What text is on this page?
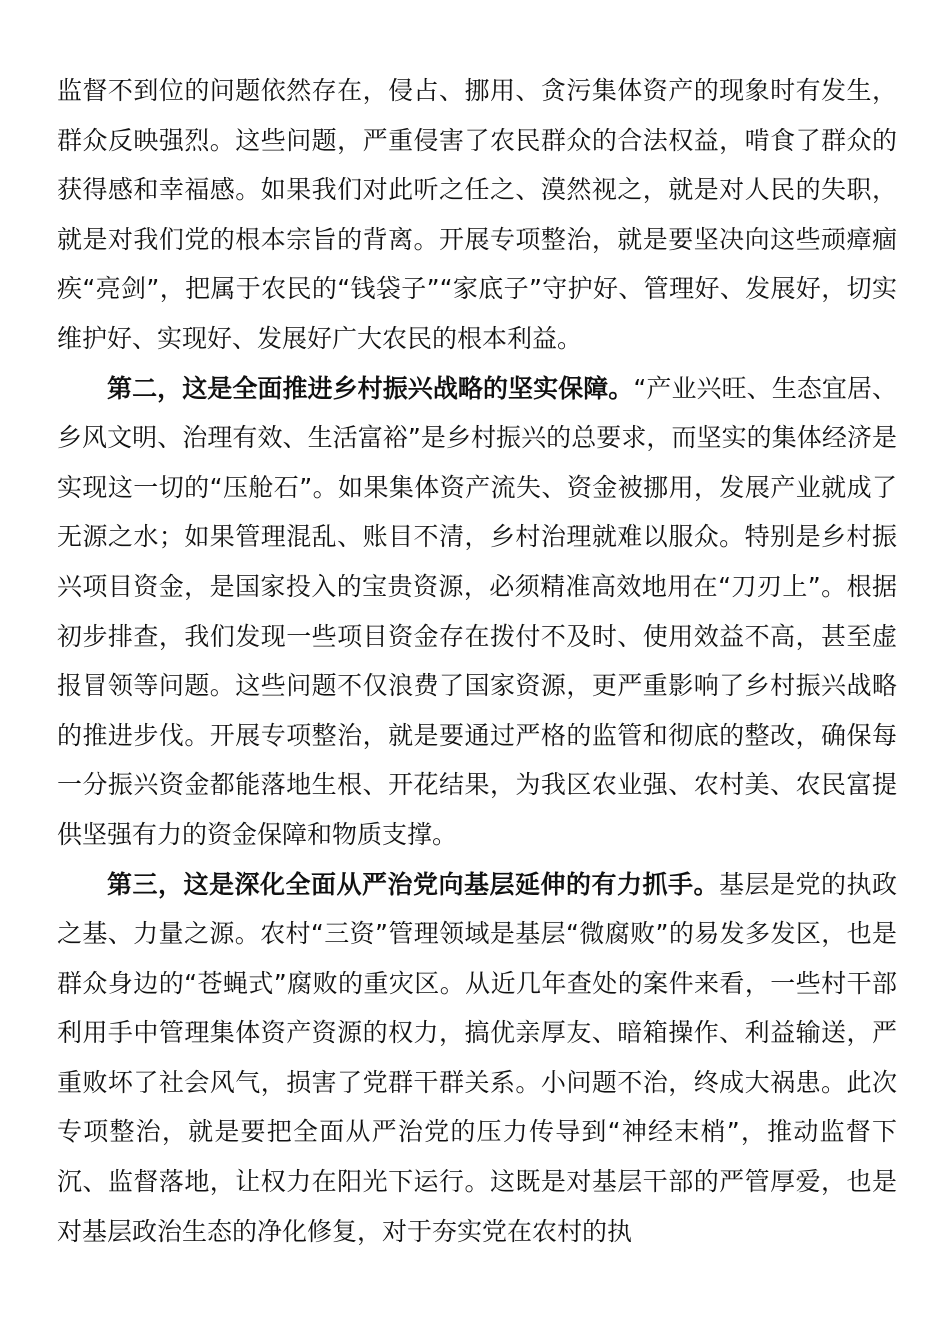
监督不到位的问题依然存在，侵占、挪用、贪污集体资产的现象时有发生，群众反映强烈。这些问题，严重侵害了农民群众的合法权益，啃食了群众的获得感和幸福感。如果我们对此听之任之、漠然视之，就是对人民的失职，就是对我们党的根本宗旨的背离。开展专项整治，就是要坚决向这些顽瘴痼疾“亮剑”，把属于农民的“钱袋子”“家底子”守护好、管理好、发展好，切实维护好、实现好、发展好广大农民的根本利益。

第二，这是全面推进乡村振兴战略的坚实保障。“产业兴旺、生态宜居、乡风文明、治理有效、生活富裕”是乡村振兴的总要求，而坚实的集体经济是实现这一切的“压舱石”。如果集体资产流失、资金被挪用，发展产业就成了无源之水；如果管理混乱、账目不清，乡村治理就难以服众。特别是乡村振兴项目资金，是国家投入的宝贵资源，必须精准高效地用在“刀刃上”。根据初步排查，我们发现一些项目资金存在拨付不及时、使用效益不高，甚至虚报冒领等问题。这些问题不仅浪费了国家资源，更严重影响了乡村振兴战略的推进步伐。开展专项整治，就是要通过严格的监管和彻底的整改，确保每一分振兴资金都能落地生根、开花结果，为我区农业强、农村美、农民富提供坚强有力的资金保障和物质支撑。

第三，这是深化全面从严治党向基层延伸的有力抓手。基层是党的执政之基、力量之源。农村“三资”管理领域是基层“微腐败”的易发多发区，也是群众身边的“苍蝇式”腐败的重灾区。从近几年查处的案件来看，一些村干部利用手中管理集体资产资源的权力，搞优亲厚友、暗箱操作、利益输送，严重败坏了社会风气，损害了党群干群关系。小问题不治，终成大祸患。此次专项整治，就是要把全面从严治党的压力传导到“神经末梢”，推动监督下沉、监督落地，让权力在阳光下运行。这既是对基层干部的严管厚爱，也是对基层政治生态的净化修复，对于夯实党在农村的执
